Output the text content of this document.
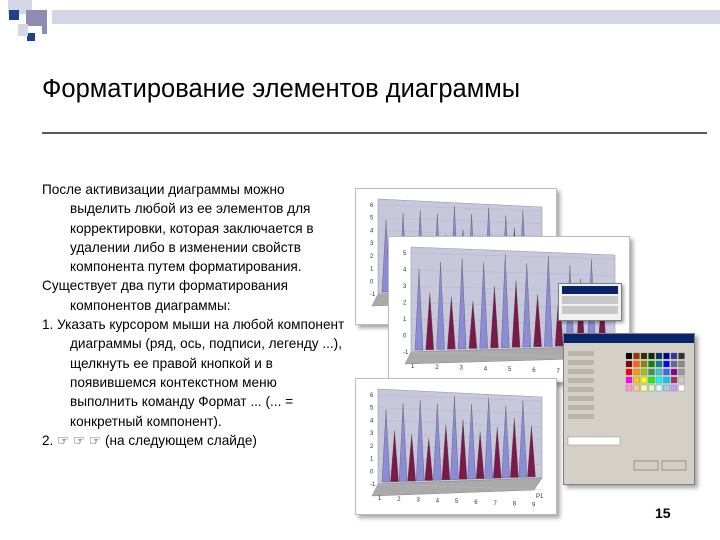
Форматирование элементов диаграммы

После активизации диаграммы можно выделить любой из ее элементов для корректировки, которая заключается в удалении либо в изменении свойств компонента путем форматирования.

Существует два пути форматирования компонентов диаграммы:

1. Указать курсором мыши на любой компонент диаграммы (ряд, ось, подписи, легенду ...), щелкнуть ее правой кнопкой и в появившемся контекстном меню выполнить команду Формат ... (... = конкретный компонент).

2. ☞ ☞ ☞ (на следующем слайде)

6
5
4
3
2
1
0
-1
5
4
3
2
1
0
-1
1	2	3	4	5	6	7
6
5
4
3
2
1
0
-1
1	2	3	4	5	6	7	8	9
P1
15
